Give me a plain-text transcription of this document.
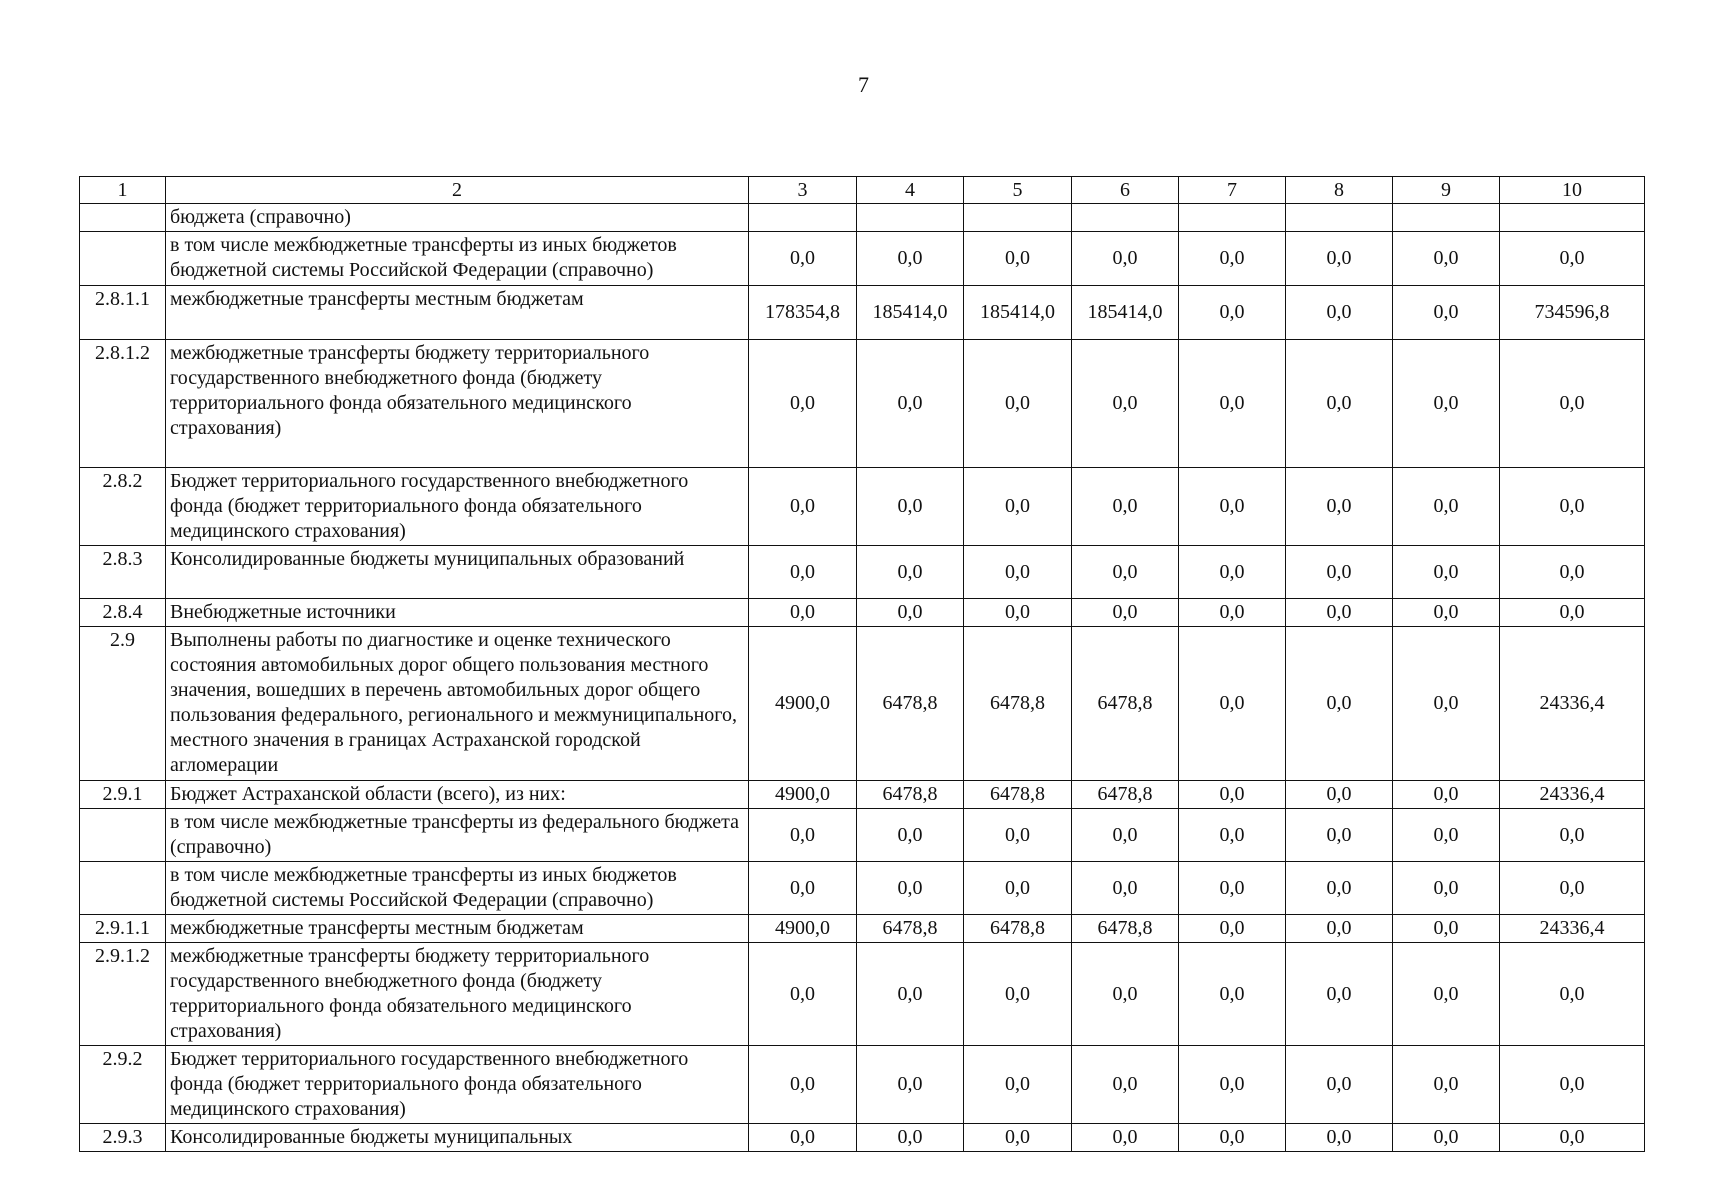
7
1	2	3	4	5	6	7	8	9	10
	бюджета (справочно)								
	в том числе межбюджетные трансферты из иных бюджетов бюджетной системы Российской Федерации (справочно)	0,0	0,0	0,0	0,0	0,0	0,0	0,0	0,0
2.8.1.1	межбюджетные трансферты местным бюджетам	178354,8	185414,0	185414,0	185414,0	0,0	0,0	0,0	734596,8
2.8.1.2	межбюджетные трансферты бюджету территориального государственного внебюджетного фонда (бюджету территориального фонда обязательного медицинского страхования)	0,0	0,0	0,0	0,0	0,0	0,0	0,0	0,0
2.8.2	Бюджет территориального государственного внебюджетного фонда (бюджет территориального фонда обязательного медицинского страхования)	0,0	0,0	0,0	0,0	0,0	0,0	0,0	0,0
2.8.3	Консолидированные бюджеты муниципальных образований	0,0	0,0	0,0	0,0	0,0	0,0	0,0	0,0
2.8.4	Внебюджетные источники	0,0	0,0	0,0	0,0	0,0	0,0	0,0	0,0
2.9	Выполнены работы по диагностике и оценке технического состояния автомобильных дорог общего пользования местного значения, вошедших в перечень автомобильных дорог общего пользования федерального, регионального и межмуниципального, местного значения в границах Астраханской городской агломерации	4900,0	6478,8	6478,8	6478,8	0,0	0,0	0,0	24336,4
2.9.1	Бюджет Астраханской области (всего), из них:	4900,0	6478,8	6478,8	6478,8	0,0	0,0	0,0	24336,4
	в том числе межбюджетные трансферты из федерального бюджета (справочно)	0,0	0,0	0,0	0,0	0,0	0,0	0,0	0,0
	в том числе межбюджетные трансферты из иных бюджетов бюджетной системы Российской Федерации (справочно)	0,0	0,0	0,0	0,0	0,0	0,0	0,0	0,0
2.9.1.1	межбюджетные трансферты местным бюджетам	4900,0	6478,8	6478,8	6478,8	0,0	0,0	0,0	24336,4
2.9.1.2	межбюджетные трансферты бюджету территориального государственного внебюджетного фонда (бюджету территориального фонда обязательного медицинского страхования)	0,0	0,0	0,0	0,0	0,0	0,0	0,0	0,0
2.9.2	Бюджет территориального государственного внебюджетного фонда (бюджет территориального фонда обязательного медицинского страхования)	0,0	0,0	0,0	0,0	0,0	0,0	0,0	0,0
2.9.3	Консолидированные бюджеты муниципальных	0,0	0,0	0,0	0,0	0,0	0,0	0,0	0,0
